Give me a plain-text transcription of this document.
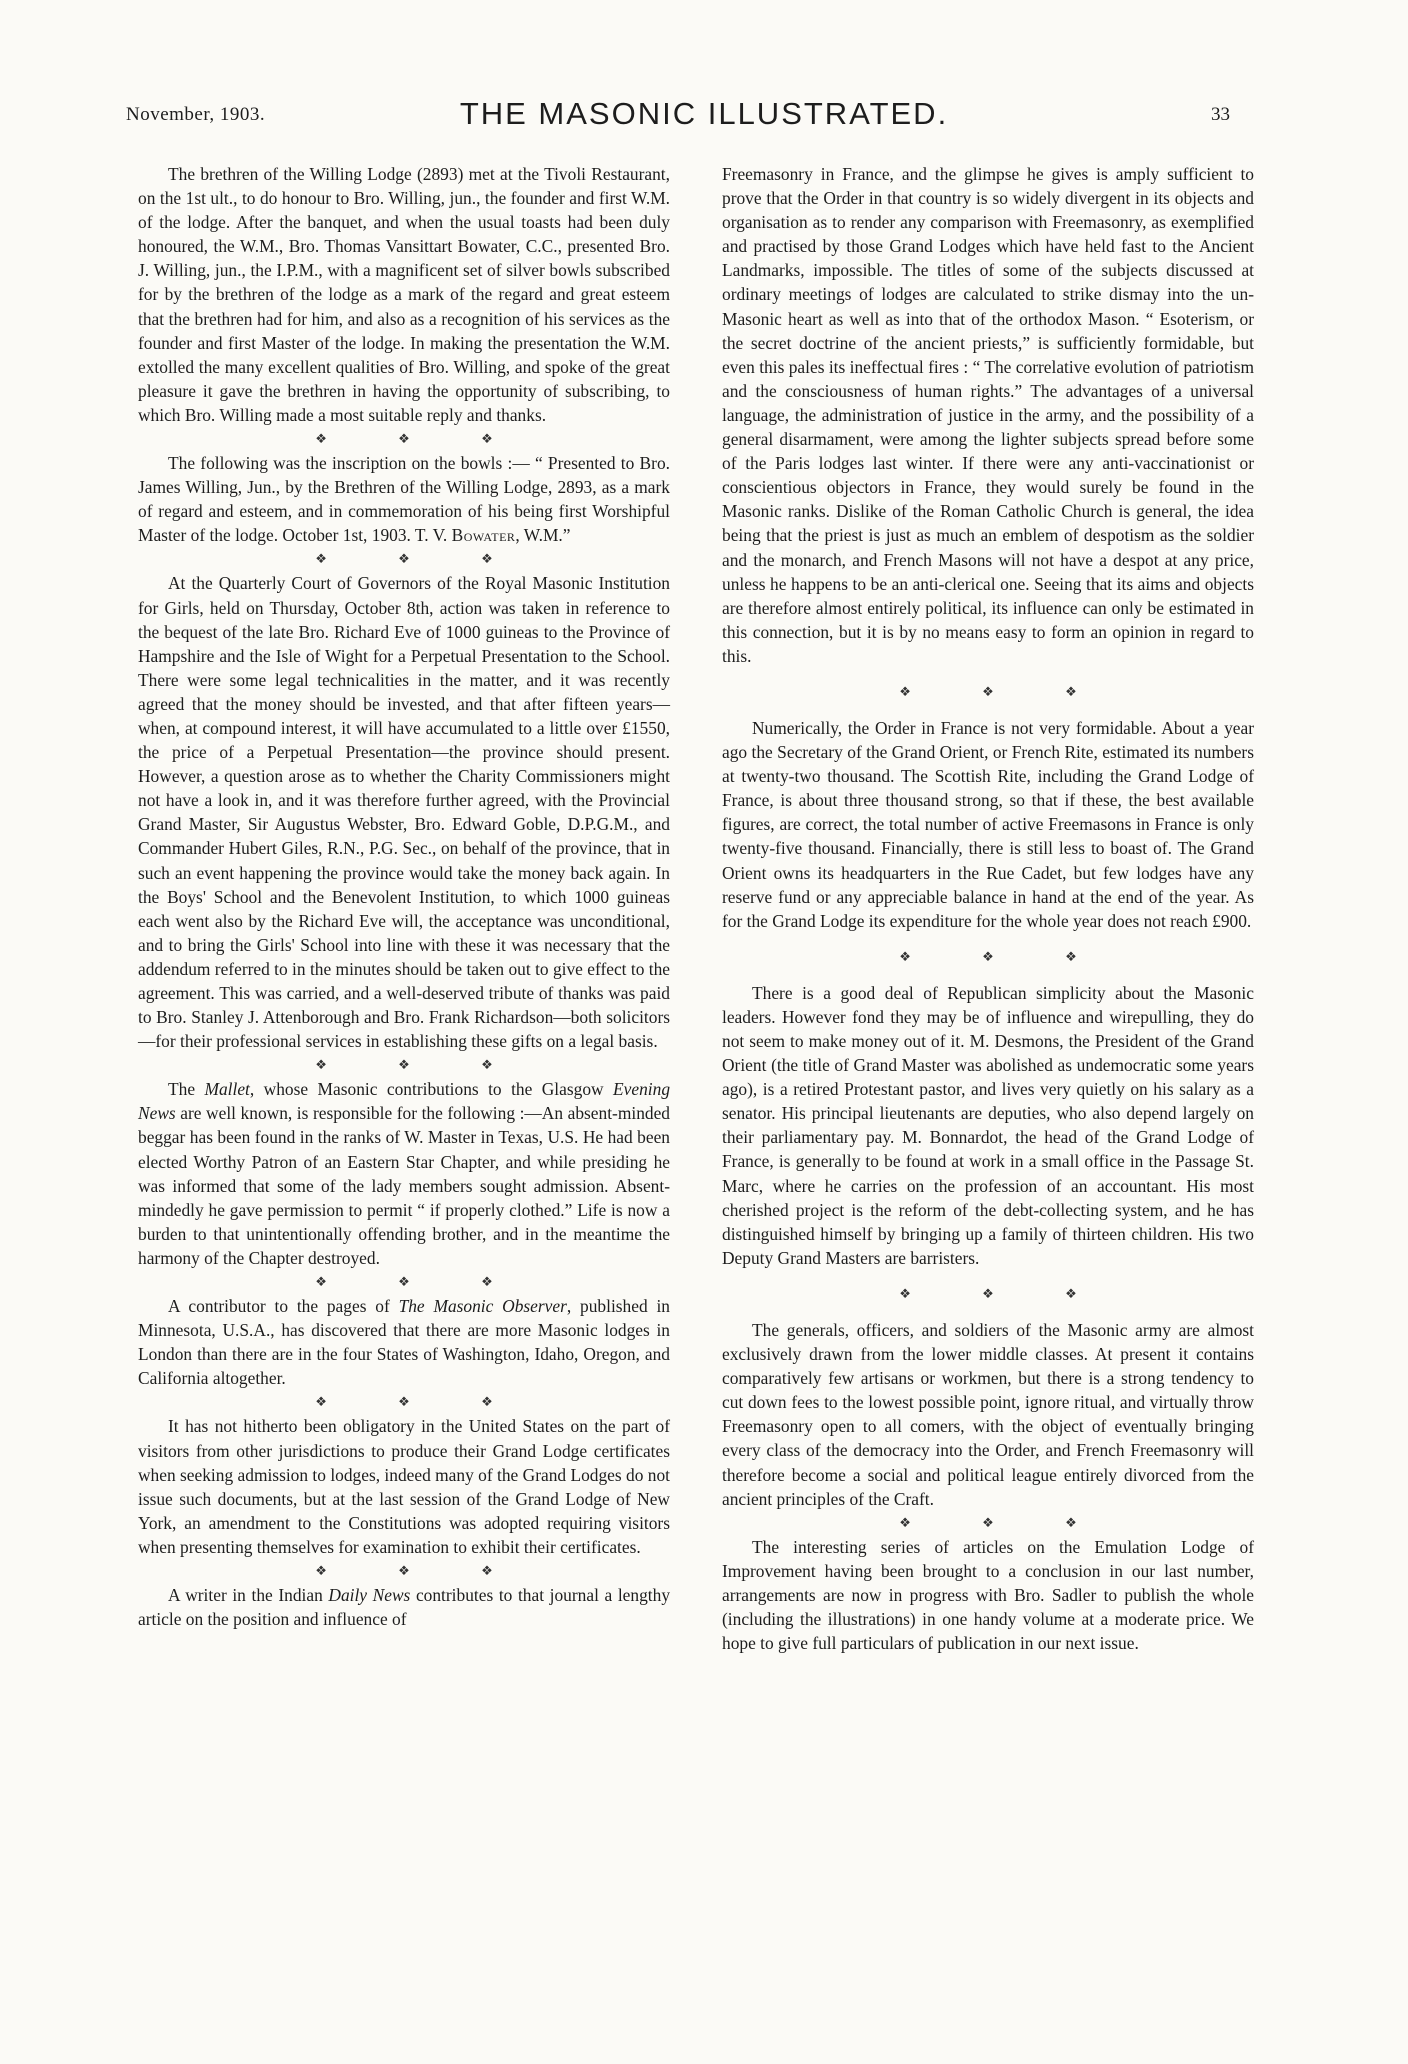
November, 1903.	THE MASONIC ILLUSTRATED.	33

The brethren of the Willing Lodge (2893) met at the Tivoli Restaurant, on the 1st ult., to do honour to Bro. Willing, jun., the founder and first W.M. of the lodge. After the banquet, and when the usual toasts had been duly honoured, the W.M., Bro. Thomas Vansittart Bowater, C.C., presented Bro. J. Willing, jun., the I.P.M., with a magnificent set of silver bowls subscribed for by the brethren of the lodge as a mark of the regard and great esteem that the brethren had for him, and also as a recognition of his services as the founder and first Master of the lodge. In making the presentation the W.M. extolled the many excellent qualities of Bro. Willing, and spoke of the great pleasure it gave the brethren in having the opportunity of subscribing, to which Bro. Willing made a most suitable reply and thanks.

❖ ❖ ❖

The following was the inscription on the bowls :— “ Presented to Bro. James Willing, Jun., by the Brethren of the Willing Lodge, 2893, as a mark of regard and esteem, and in commemoration of his being first Worshipful Master of the lodge. October 1st, 1903. T. V. Bowater, W.M.”

❖ ❖ ❖

At the Quarterly Court of Governors of the Royal Masonic Institution for Girls, held on Thursday, October 8th, action was taken in reference to the bequest of the late Bro. Richard Eve of 1000 guineas to the Province of Hampshire and the Isle of Wight for a Perpetual Presentation to the School. There were some legal technicalities in the matter, and it was recently agreed that the money should be invested, and that after fifteen years—when, at compound interest, it will have accumulated to a little over £1550, the price of a Perpetual Presentation—the province should present. However, a question arose as to whether the Charity Commissioners might not have a look in, and it was therefore further agreed, with the Provincial Grand Master, Sir Augustus Webster, Bro. Edward Goble, D.P.G.M., and Commander Hubert Giles, R.N., P.G. Sec., on behalf of the province, that in such an event happening the province would take the money back again. In the Boys' School and the Benevolent Institution, to which 1000 guineas each went also by the Richard Eve will, the acceptance was unconditional, and to bring the Girls' School into line with these it was necessary that the addendum referred to in the minutes should be taken out to give effect to the agreement. This was carried, and a well-deserved tribute of thanks was paid to Bro. Stanley J. Attenborough and Bro. Frank Richardson—both solicitors—for their professional services in establishing these gifts on a legal basis.

❖ ❖ ❖

The Mallet, whose Masonic contributions to the Glasgow Evening News are well known, is responsible for the following :—An absent-minded beggar has been found in the ranks of W. Master in Texas, U.S. He had been elected Worthy Patron of an Eastern Star Chapter, and while presiding he was informed that some of the lady members sought admission. Absent-mindedly he gave permission to permit “ if properly clothed.” Life is now a burden to that unintentionally offending brother, and in the meantime the harmony of the Chapter destroyed.

❖ ❖ ❖

A contributor to the pages of The Masonic Observer, published in Minnesota, U.S.A., has discovered that there are more Masonic lodges in London than there are in the four States of Washington, Idaho, Oregon, and California altogether.

❖ ❖ ❖

It has not hitherto been obligatory in the United States on the part of visitors from other jurisdictions to produce their Grand Lodge certificates when seeking admission to lodges, indeed many of the Grand Lodges do not issue such documents, but at the last session of the Grand Lodge of New York, an amendment to the Constitutions was adopted requiring visitors when presenting themselves for examination to exhibit their certificates.

❖ ❖ ❖

A writer in the Indian Daily News contributes to that journal a lengthy article on the position and influence of

Freemasonry in France, and the glimpse he gives is amply sufficient to prove that the Order in that country is so widely divergent in its objects and organisation as to render any comparison with Freemasonry, as exemplified and practised by those Grand Lodges which have held fast to the Ancient Landmarks, impossible. The titles of some of the subjects discussed at ordinary meetings of lodges are calculated to strike dismay into the un-Masonic heart as well as into that of the orthodox Mason. “ Esoterism, or the secret doctrine of the ancient priests,” is sufficiently formidable, but even this pales its ineffectual fires : “ The correlative evolution of patriotism and the consciousness of human rights.” The advantages of a universal language, the administration of justice in the army, and the possibility of a general disarmament, were among the lighter subjects spread before some of the Paris lodges last winter. If there were any anti-vaccinationist or conscientious objectors in France, they would surely be found in the Masonic ranks. Dislike of the Roman Catholic Church is general, the idea being that the priest is just as much an emblem of despotism as the soldier and the monarch, and French Masons will not have a despot at any price, unless he happens to be an anti-clerical one. Seeing that its aims and objects are therefore almost entirely political, its influence can only be estimated in this connection, but it is by no means easy to form an opinion in regard to this.

❖ ❖ ❖

Numerically, the Order in France is not very formidable. About a year ago the Secretary of the Grand Orient, or French Rite, estimated its numbers at twenty-two thousand. The Scottish Rite, including the Grand Lodge of France, is about three thousand strong, so that if these, the best available figures, are correct, the total number of active Freemasons in France is only twenty-five thousand. Financially, there is still less to boast of. The Grand Orient owns its headquarters in the Rue Cadet, but few lodges have any reserve fund or any appreciable balance in hand at the end of the year. As for the Grand Lodge its expenditure for the whole year does not reach £900.

❖ ❖ ❖

There is a good deal of Republican simplicity about the Masonic leaders. However fond they may be of influence and wirepulling, they do not seem to make money out of it. M. Desmons, the President of the Grand Orient (the title of Grand Master was abolished as undemocratic some years ago), is a retired Protestant pastor, and lives very quietly on his salary as a senator. His principal lieutenants are deputies, who also depend largely on their parliamentary pay. M. Bonnardot, the head of the Grand Lodge of France, is generally to be found at work in a small office in the Passage St. Marc, where he carries on the profession of an accountant. His most cherished project is the reform of the debt-collecting system, and he has distinguished himself by bringing up a family of thirteen children. His two Deputy Grand Masters are barristers.

❖ ❖ ❖

The generals, officers, and soldiers of the Masonic army are almost exclusively drawn from the lower middle classes. At present it contains comparatively few artisans or workmen, but there is a strong tendency to cut down fees to the lowest possible point, ignore ritual, and virtually throw Freemasonry open to all comers, with the object of eventually bringing every class of the democracy into the Order, and French Freemasonry will therefore become a social and political league entirely divorced from the ancient principles of the Craft.

❖ ❖ ❖

The interesting series of articles on the Emulation Lodge of Improvement having been brought to a conclusion in our last number, arrangements are now in progress with Bro. Sadler to publish the whole (including the illustrations) in one handy volume at a moderate price. We hope to give full particulars of publication in our next issue.
